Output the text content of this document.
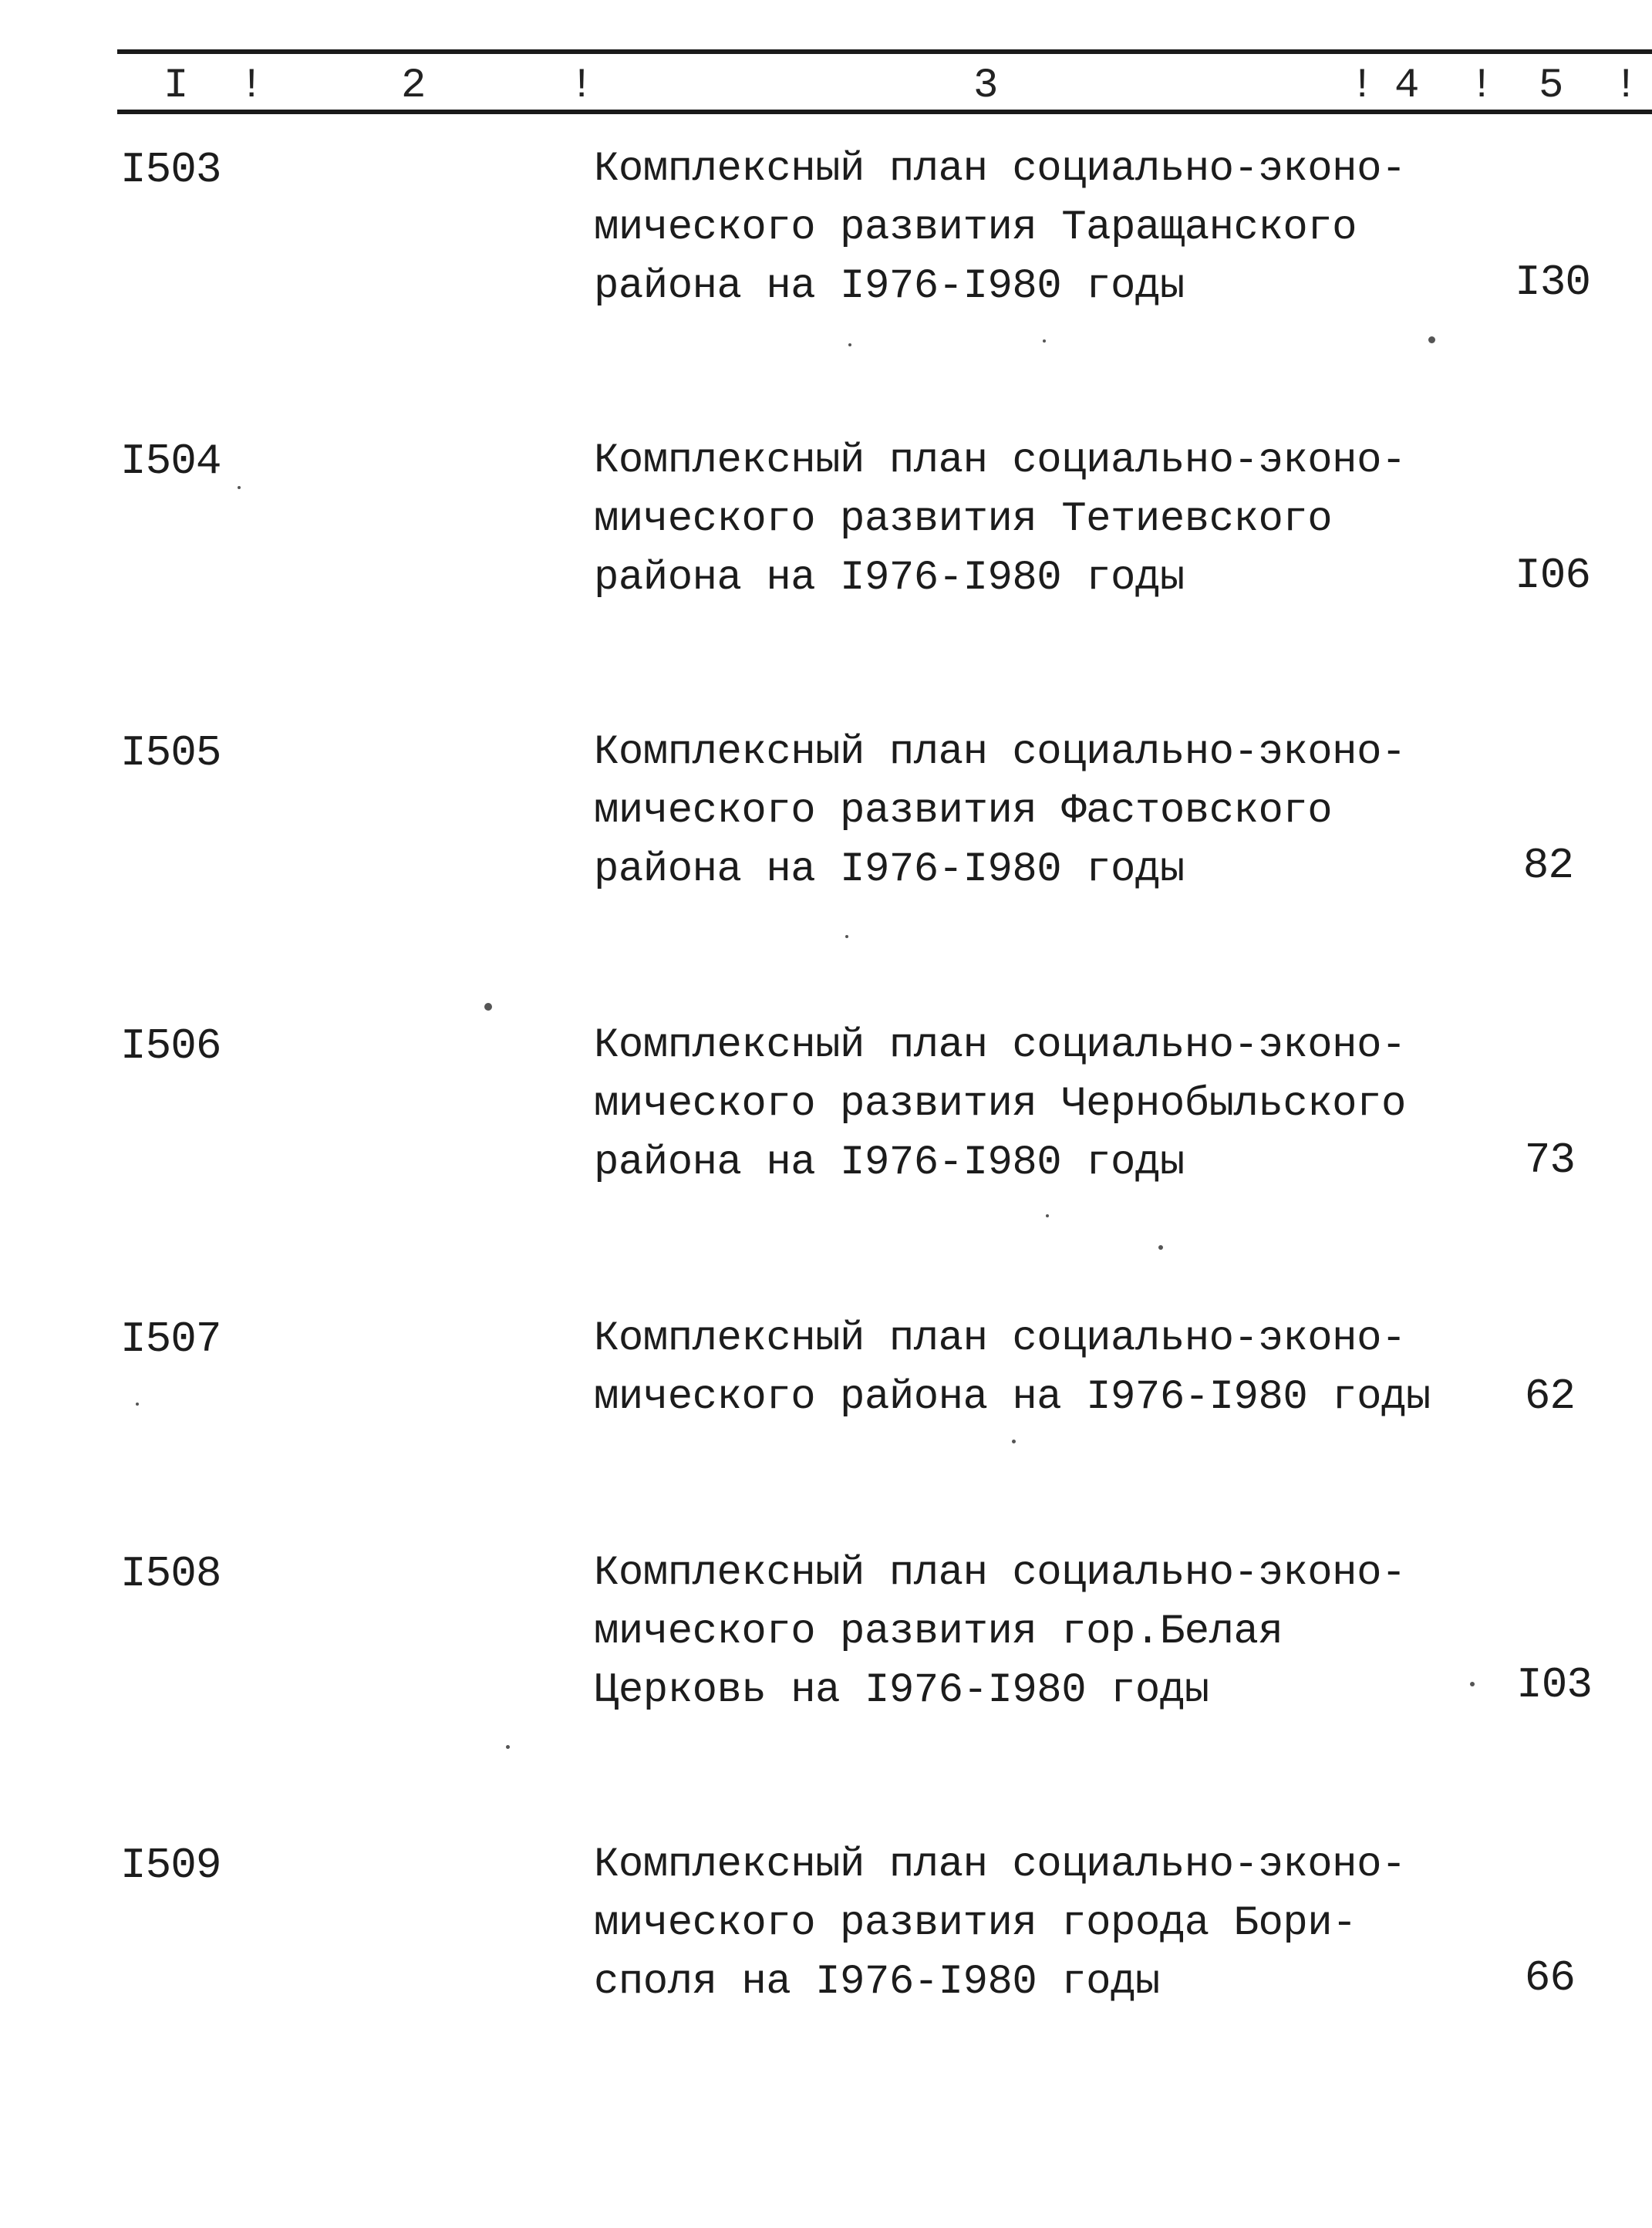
I !	2	!	3	! 4 ! 5 !
I503	Комплексный план социально-эконо-
мического развития Таращанского
района на I976-I980 годы	I30
I504	Комплексный план социально-эконо-
мического развития Тетиевского
района на I976-I980 годы	I06
I505	Комплексный план социально-эконо-
мического развития Фастовского
района на I976-I980 годы	82
I506	Комплексный план социально-эконо-
мического развития Чернобыльского
района на I976-I980 годы	73
I507	Комплексный план социально-эконо-
мического района на I976-I980 годы	62
I508	Комплексный план социально-эконо-
мического развития гор.Белая
Церковь на I976-I980 годы	I03
I509	Комплексный план социально-эконо-
мического развития города Бори-
споля на I976-I980 годы	66
